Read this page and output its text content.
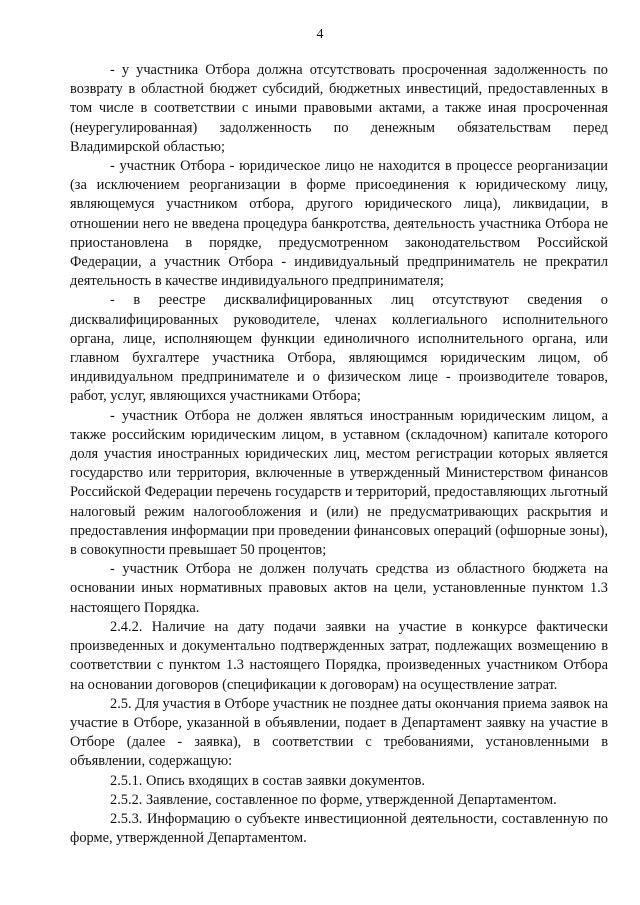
4

- у участника Отбора должна отсутствовать просроченная задолженность по возврату в областной бюджет субсидий, бюджетных инвестиций, предоставленных в том числе в соответствии с иными правовыми актами, а также иная просроченная (неурегулированная) задолженность по денежным обязательствам перед Владимирской областью;

- участник Отбора - юридическое лицо не находится в процессе реорганизации (за исключением реорганизации в форме присоединения к юридическому лицу, являющемуся участником отбора, другого юридического лица), ликвидации, в отношении него не введена процедура банкротства, деятельность участника Отбора не приостановлена в порядке, предусмотренном законодательством Российской Федерации, а участник Отбора - индивидуальный предприниматель не прекратил деятельность в качестве индивидуального предпринимателя;

- в реестре дисквалифицированных лиц отсутствуют сведения о дисквалифицированных руководителе, членах коллегиального исполнительного органа, лице, исполняющем функции единоличного исполнительного органа, или главном бухгалтере участника Отбора, являющимся юридическим лицом, об индивидуальном предпринимателе и о физическом лице - производителе товаров, работ, услуг, являющихся участниками Отбора;

- участник Отбора не должен являться иностранным юридическим лицом, а также российским юридическим лицом, в уставном (складочном) капитале которого доля участия иностранных юридических лиц, местом регистрации которых является государство или территория, включенные в утвержденный Министерством финансов Российской Федерации перечень государств и территорий, предоставляющих льготный налоговый режим налогообложения и (или) не предусматривающих раскрытия и предоставления информации при проведении финансовых операций (офшорные зоны), в совокупности превышает 50 процентов;

- участник Отбора не должен получать средства из областного бюджета на основании иных нормативных правовых актов на цели, установленные пунктом 1.3 настоящего Порядка.

2.4.2. Наличие на дату подачи заявки на участие в конкурсе фактически произведенных и документально подтвержденных затрат, подлежащих возмещению в соответствии с пунктом 1.3 настоящего Порядка, произведенных участником Отбора на основании договоров (спецификации к договорам) на осуществление затрат.

2.5. Для участия в Отборе участник не позднее даты окончания приема заявок на участие в Отборе, указанной в объявлении, подает в Департамент заявку на участие в Отборе (далее - заявка), в соответствии с требованиями, установленными в объявлении, содержащую:

2.5.1. Опись входящих в состав заявки документов.

2.5.2. Заявление, составленное по форме, утвержденной Департаментом.

2.5.3. Информацию о субъекте инвестиционной деятельности, составленную по форме, утвержденной Департаментом.
